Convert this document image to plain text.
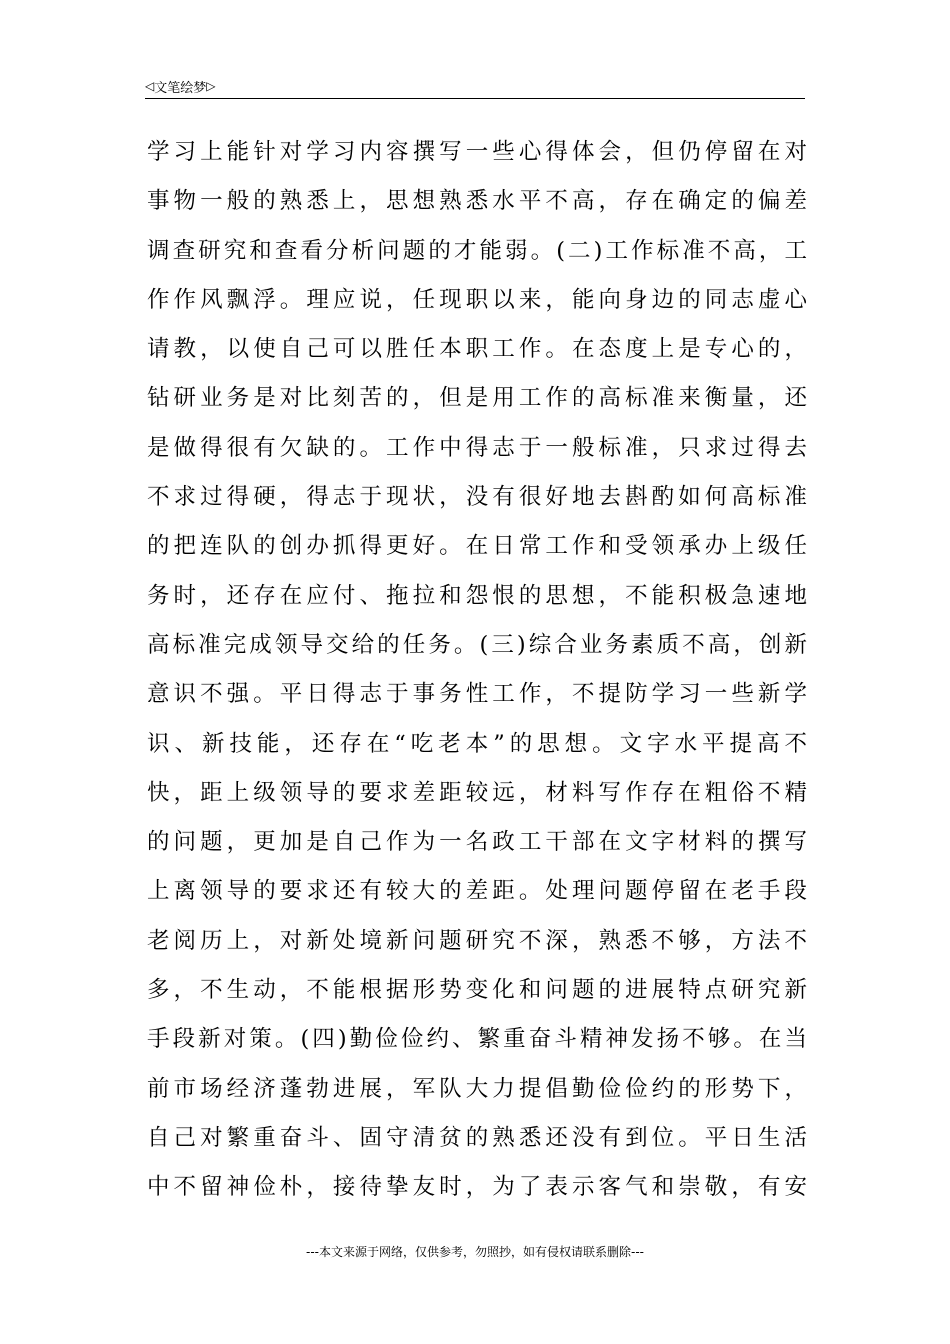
◁ 文笔绘梦 ▷
学习上能针对学习内容撰写一些心得体会，但仍停留在对
事物一般的熟悉上，思想熟悉水平不高，存在确定的偏差
调查研究和查看分析问题的才能弱。(二)工作标准不高，工
作作风飘浮。理应说，任现职以来，能向身边的同志虚心
请教，以使自己可以胜任本职工作。在态度上是专心的，
钻研业务是对比刻苦的，但是用工作的高标准来衡量，还
是做得很有欠缺的。工作中得志于一般标准，只求过得去
不求过得硬，得志于现状，没有很好地去斟酌如何高标准
的把连队的创办抓得更好。在日常工作和受领承办上级任
务时，还存在应付、拖拉和怨恨的思想，不能积极急速地
高标准完成领导交给的任务。(三)综合业务素质不高，创新
意识不强。平日得志于事务性工作，不提防学习一些新学
识、新技能，还存在“吃老本”的思想。文字水平提高不
快，距上级领导的要求差距较远，材料写作存在粗俗不精
的问题，更加是自己作为一名政工干部在文字材料的撰写
上离领导的要求还有较大的差距。处理问题停留在老手段
老阅历上，对新处境新问题研究不深，熟悉不够，方法不
多，不生动，不能根据形势变化和问题的进展特点研究新
手段新对策。(四)勤俭俭约、繁重奋斗精神发扬不够。在当
前市场经济蓬勃进展，军队大力提倡勤俭俭约的形势下，
自己对繁重奋斗、固守清贫的熟悉还没有到位。平日生活
中不留神俭朴，接待挚友时，为了表示客气和崇敬，有安
---本文来源于网络，仅供参考，勿照抄，如有侵权请联系删除---
